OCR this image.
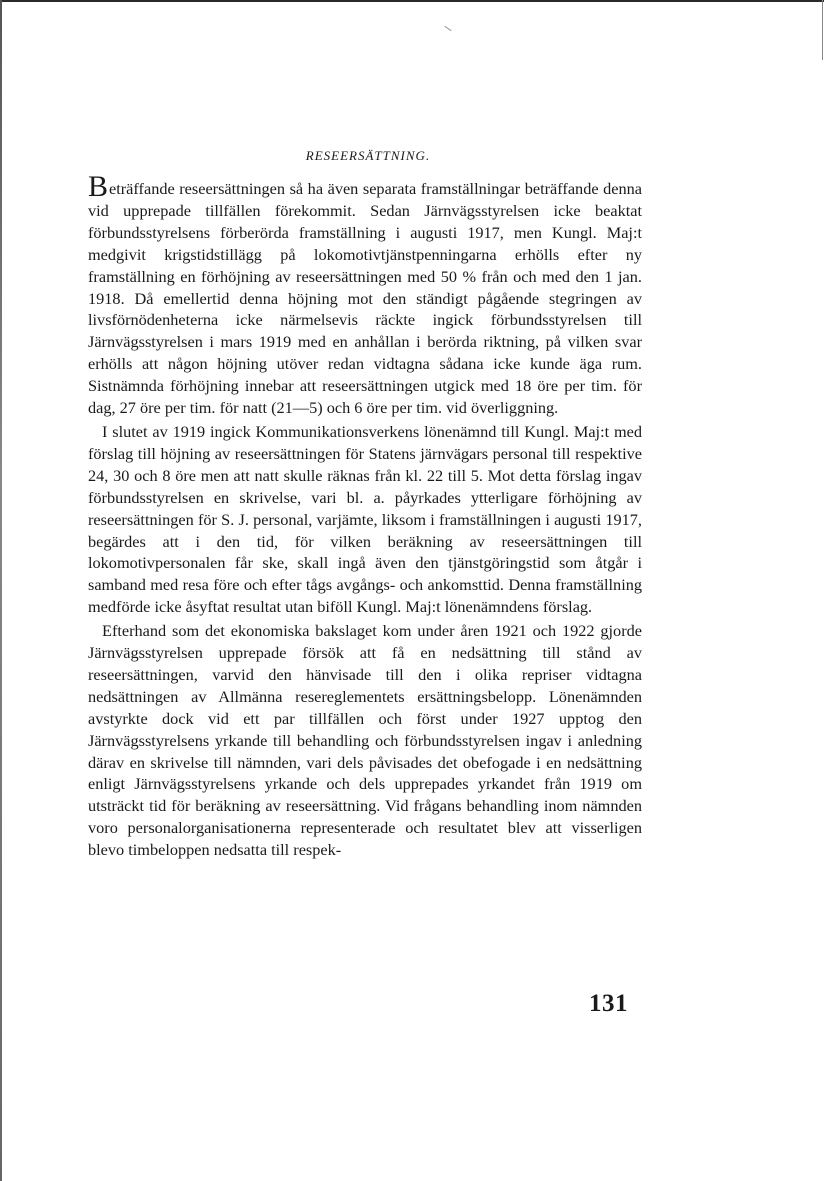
RESEERSÄTTNING.

Beträffande reseersättningen så ha även separata framställningar beträffande denna vid upprepade tillfällen förekommit. Sedan Järnvägsstyrelsen icke beaktat förbundsstyrelsens förberörda framställning i augusti 1917, men Kungl. Maj:t medgivit krigstidstillägg på lokomotivtjänstpenningarna erhölls efter ny framställning en förhöjning av reseersättningen med 50 % från och med den 1 jan. 1918. Då emellertid denna höjning mot den ständigt pågående stegringen av livsförnödenheterna icke närmelsevis räckte ingick förbundsstyrelsen till Järnvägsstyrelsen i mars 1919 med en anhållan i berörda riktning, på vilken svar erhölls att någon höjning utöver redan vidtagna sådana icke kunde äga rum. Sistnämnda förhöjning innebar att reseersättningen utgick med 18 öre per tim. för dag, 27 öre per tim. för natt (21—5) och 6 öre per tim. vid överliggning.

I slutet av 1919 ingick Kommunikationsverkens lönenämnd till Kungl. Maj:t med förslag till höjning av reseersättningen för Statens järnvägars personal till respektive 24, 30 och 8 öre men att natt skulle räknas från kl. 22 till 5. Mot detta förslag ingav förbundsstyrelsen en skrivelse, vari bl. a. påyrkades ytterligare förhöjning av reseersättningen för S. J. personal, varjämte, liksom i framställningen i augusti 1917, begärdes att i den tid, för vilken beräkning av reseersättningen till lokomotivpersonalen får ske, skall ingå även den tjänstgöringstid som åtgår i samband med resa före och efter tågs avgångs- och ankomsttid. Denna framställning medförde icke åsyftat resultat utan biföll Kungl. Maj:t lönenämndens förslag.

Efterhand som det ekonomiska bakslaget kom under åren 1921 och 1922 gjorde Järnvägsstyrelsen upprepade försök att få en nedsättning till stånd av reseersättningen, varvid den hänvisade till den i olika repriser vidtagna nedsättningen av Allmänna resereglementets ersättningsbelopp. Lönenämnden avstyrkte dock vid ett par tillfällen och först under 1927 upptog den Järnvägsstyrelsens yrkande till behandling och förbundsstyrelsen ingav i anledning därav en skrivelse till nämnden, vari dels påvisades det obefogade i en nedsättning enligt Järnvägsstyrelsens yrkande och dels upprepades yrkandet från 1919 om utsträckt tid för beräkning av reseersättning. Vid frågans behandling inom nämnden voro personalorganisationerna representerade och resultatet blev att visserligen blevo timbeloppen nedsatta till respek-

131
